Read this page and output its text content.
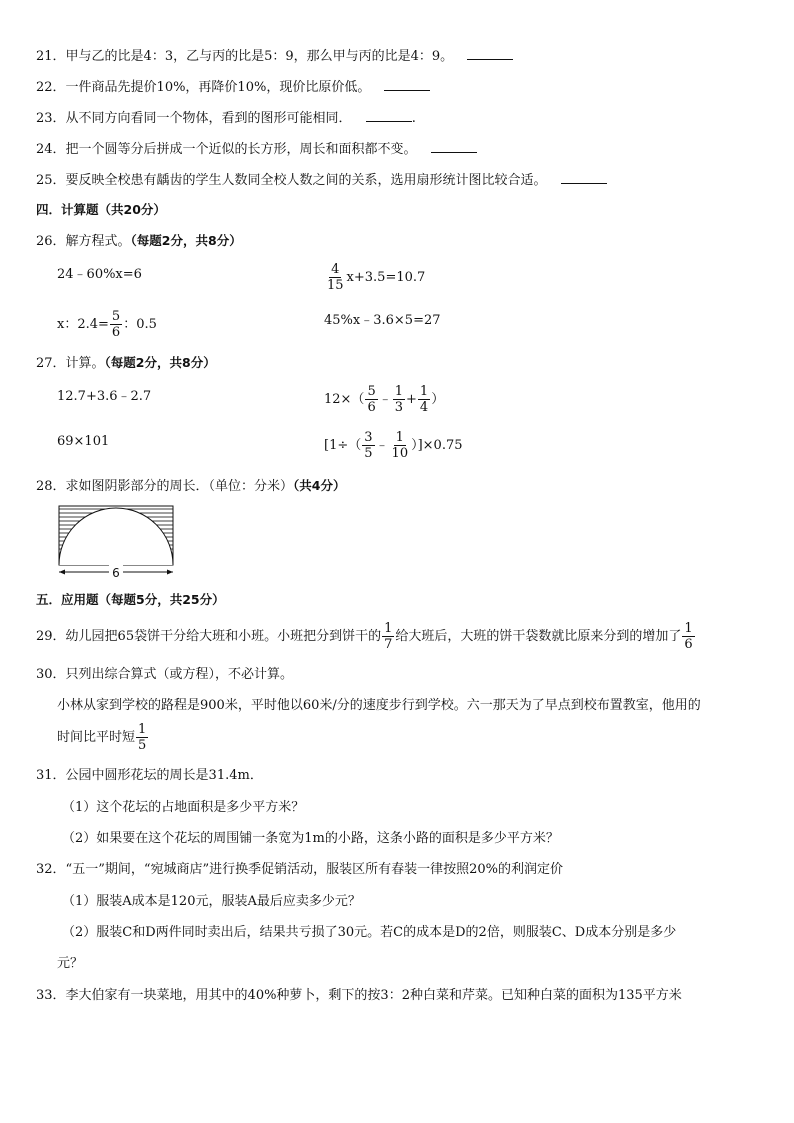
21．甲与乙的比是4：3，乙与丙的比是5：9，那么甲与丙的比是4：9。
22．一件商品先提价10%，再降价10%，现价比原价低。
23．从不同方向看同一个物体，看到的图形可能相同．	.
24．把一个圆等分后拼成一个近似的长方形，周长和面积都不变。
25．要反映全校患有龋齿的学生人数同全校人数之间的关系，选用扇形统计图比较合适。
四．计算题（共20分）
26．解方程式。（每题2分，共8分）
24﹣60%x=6	$\frac{4}{15} x+3.5=10.7$
x：$2.4= \frac{5}{6}$ ：0.5	45%x﹣3.6×5=27
27．计算。（每题2分，共8分）
12.7+3.6﹣2.7	$12\times( \frac{5}{6}$ ﹣ $\frac{1}{3} + \frac{1}{4}$ ）
69×101	[$1\div( \frac{3}{5}$ ﹣ $\frac{1}{10} )]\times 0.75$
28．求如图阴影部分的周长．（单位：分米）（共4分）
6
五．应用题（每题5分，共25分）
29．幼儿园把65袋饼干分给大班和小班。小班把分到饼干的 $\frac{1}{7}$ 给大班后，大班的饼干袋数就比原来分到的增加了 $\frac{1}{6}$
30．只列出综合算式（或方程），不必计算。
小林从家到学校的路程是900米，平时他以60米/分的速度步行到学校。六一那天为了早点到校布置教室，他用的
时间比平时短 $\frac{1}{5}$
31．公园中圆形花坛的周长是31.4m．
（1）这个花坛的占地面积是多少平方米？
（2）如果要在这个花坛的周围铺一条宽为1m的小路，这条小路的面积是多少平方米？
32．“五一”期间，“宛城商店”进行换季促销活动，服装区所有春装一律按照20%的利润定价
（1）服装A成本是120元，服装A最后应卖多少元？
（2）服装C和D两件同时卖出后，结果共亏损了30元。若C的成本是D的2倍，则服装C、D成本分别是多少
元？
33．李大伯家有一块菜地，用其中的40%种萝卜，剩下的按3：2种白菜和芹菜。已知种白菜的面积为135平方米
